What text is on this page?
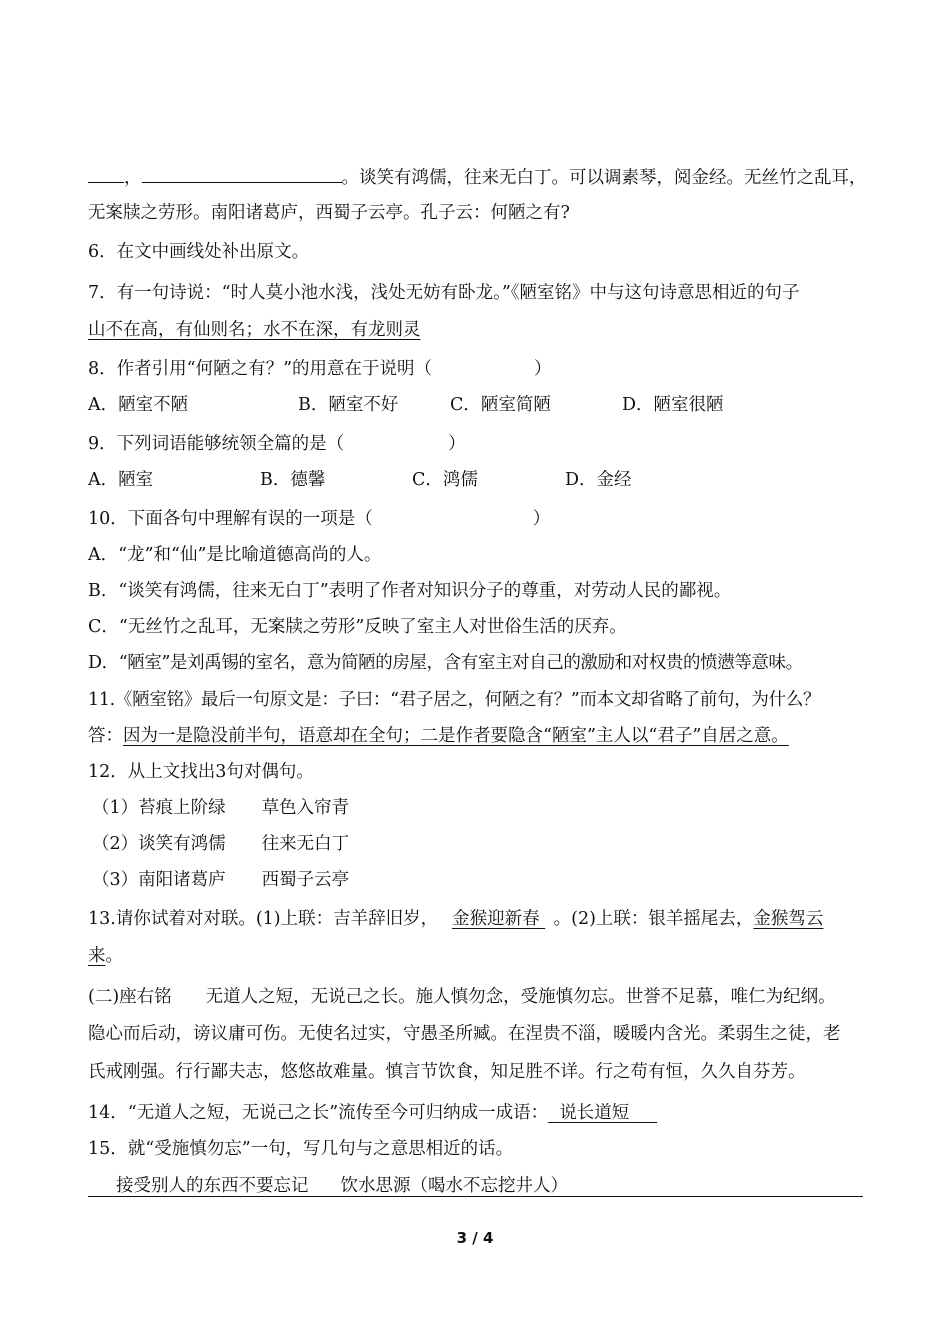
，	。谈笑有鸿儒，往来无白丁。可以调素琴，阅金经。无丝竹之乱耳，
无案牍之劳形。南阳诸葛庐，西蜀子云亭。孔子云：何陋之有?
6．在文中画线处补出原文。
7．有一句诗说：“时人莫小池水浅，浅处无妨有卧龙。”《陋室铭》中与这句诗意思相近的句子
山不在高，有仙则名；水不在深，有龙则灵
8．作者引用“何陋之有？”的用意在于说明（	）
A．陋室不陋	B．陋室不好	C．陋室简陋	D．陋室很陋
9．下列词语能够统领全篇的是（	）
A．陋室	B．德馨	C．鸿儒	D．金经
10．下面各句中理解有误的一项是（	）
A．“龙”和“仙”是比喻道德高尚的人。
B．“谈笑有鸿儒，往来无白丁”表明了作者对知识分子的尊重，对劳动人民的鄙视。
C．“无丝竹之乱耳，无案牍之劳形”反映了室主人对世俗生活的厌弃。
D．“陋室”是刘禹锡的室名，意为简陋的房屋，含有室主对自己的激励和对权贵的愤懑等意味。
11.《陋室铭》最后一句原文是：子曰：“君子居之，何陋之有？”而本文却省略了前句，为什么？
答：因为一是隐没前半句，语意却在全句；二是作者要隐含“陋室”主人以“君子”自居之意。
12．从上文找出3句对偶句。
（1）苔痕上阶绿 草色入帘青
（2）谈笑有鸿儒 往来无白丁
（3）南阳诸葛庐 西蜀子云亭
13.请你试着对对联。(1)上联：吉羊辞旧岁， 金猴迎新春 。(2)上联：银羊摇尾去，金猴驾云
来。
(二)座右铭 无道人之短，无说己之长。施人慎勿念，受施慎勿忘。世誉不足慕，唯仁为纪纲。
隐心而后动，谤议庸可伤。无使名过实，守愚圣所臧。在涅贵不淄，暖暖内含光。柔弱生之徒，老
氏戒刚强。行行鄙夫志，悠悠故难量。慎言节饮食，知足胜不详。行之苟有恒，久久自芬芳。
14．“无道人之短，无说己之长”流传至今可归纳成一成语： 说长道短
15．就“受施慎勿忘”一句，写几句与之意思相近的话。
接受别人的东西不要忘记 饮水思源（喝水不忘挖井人）
3 / 4
